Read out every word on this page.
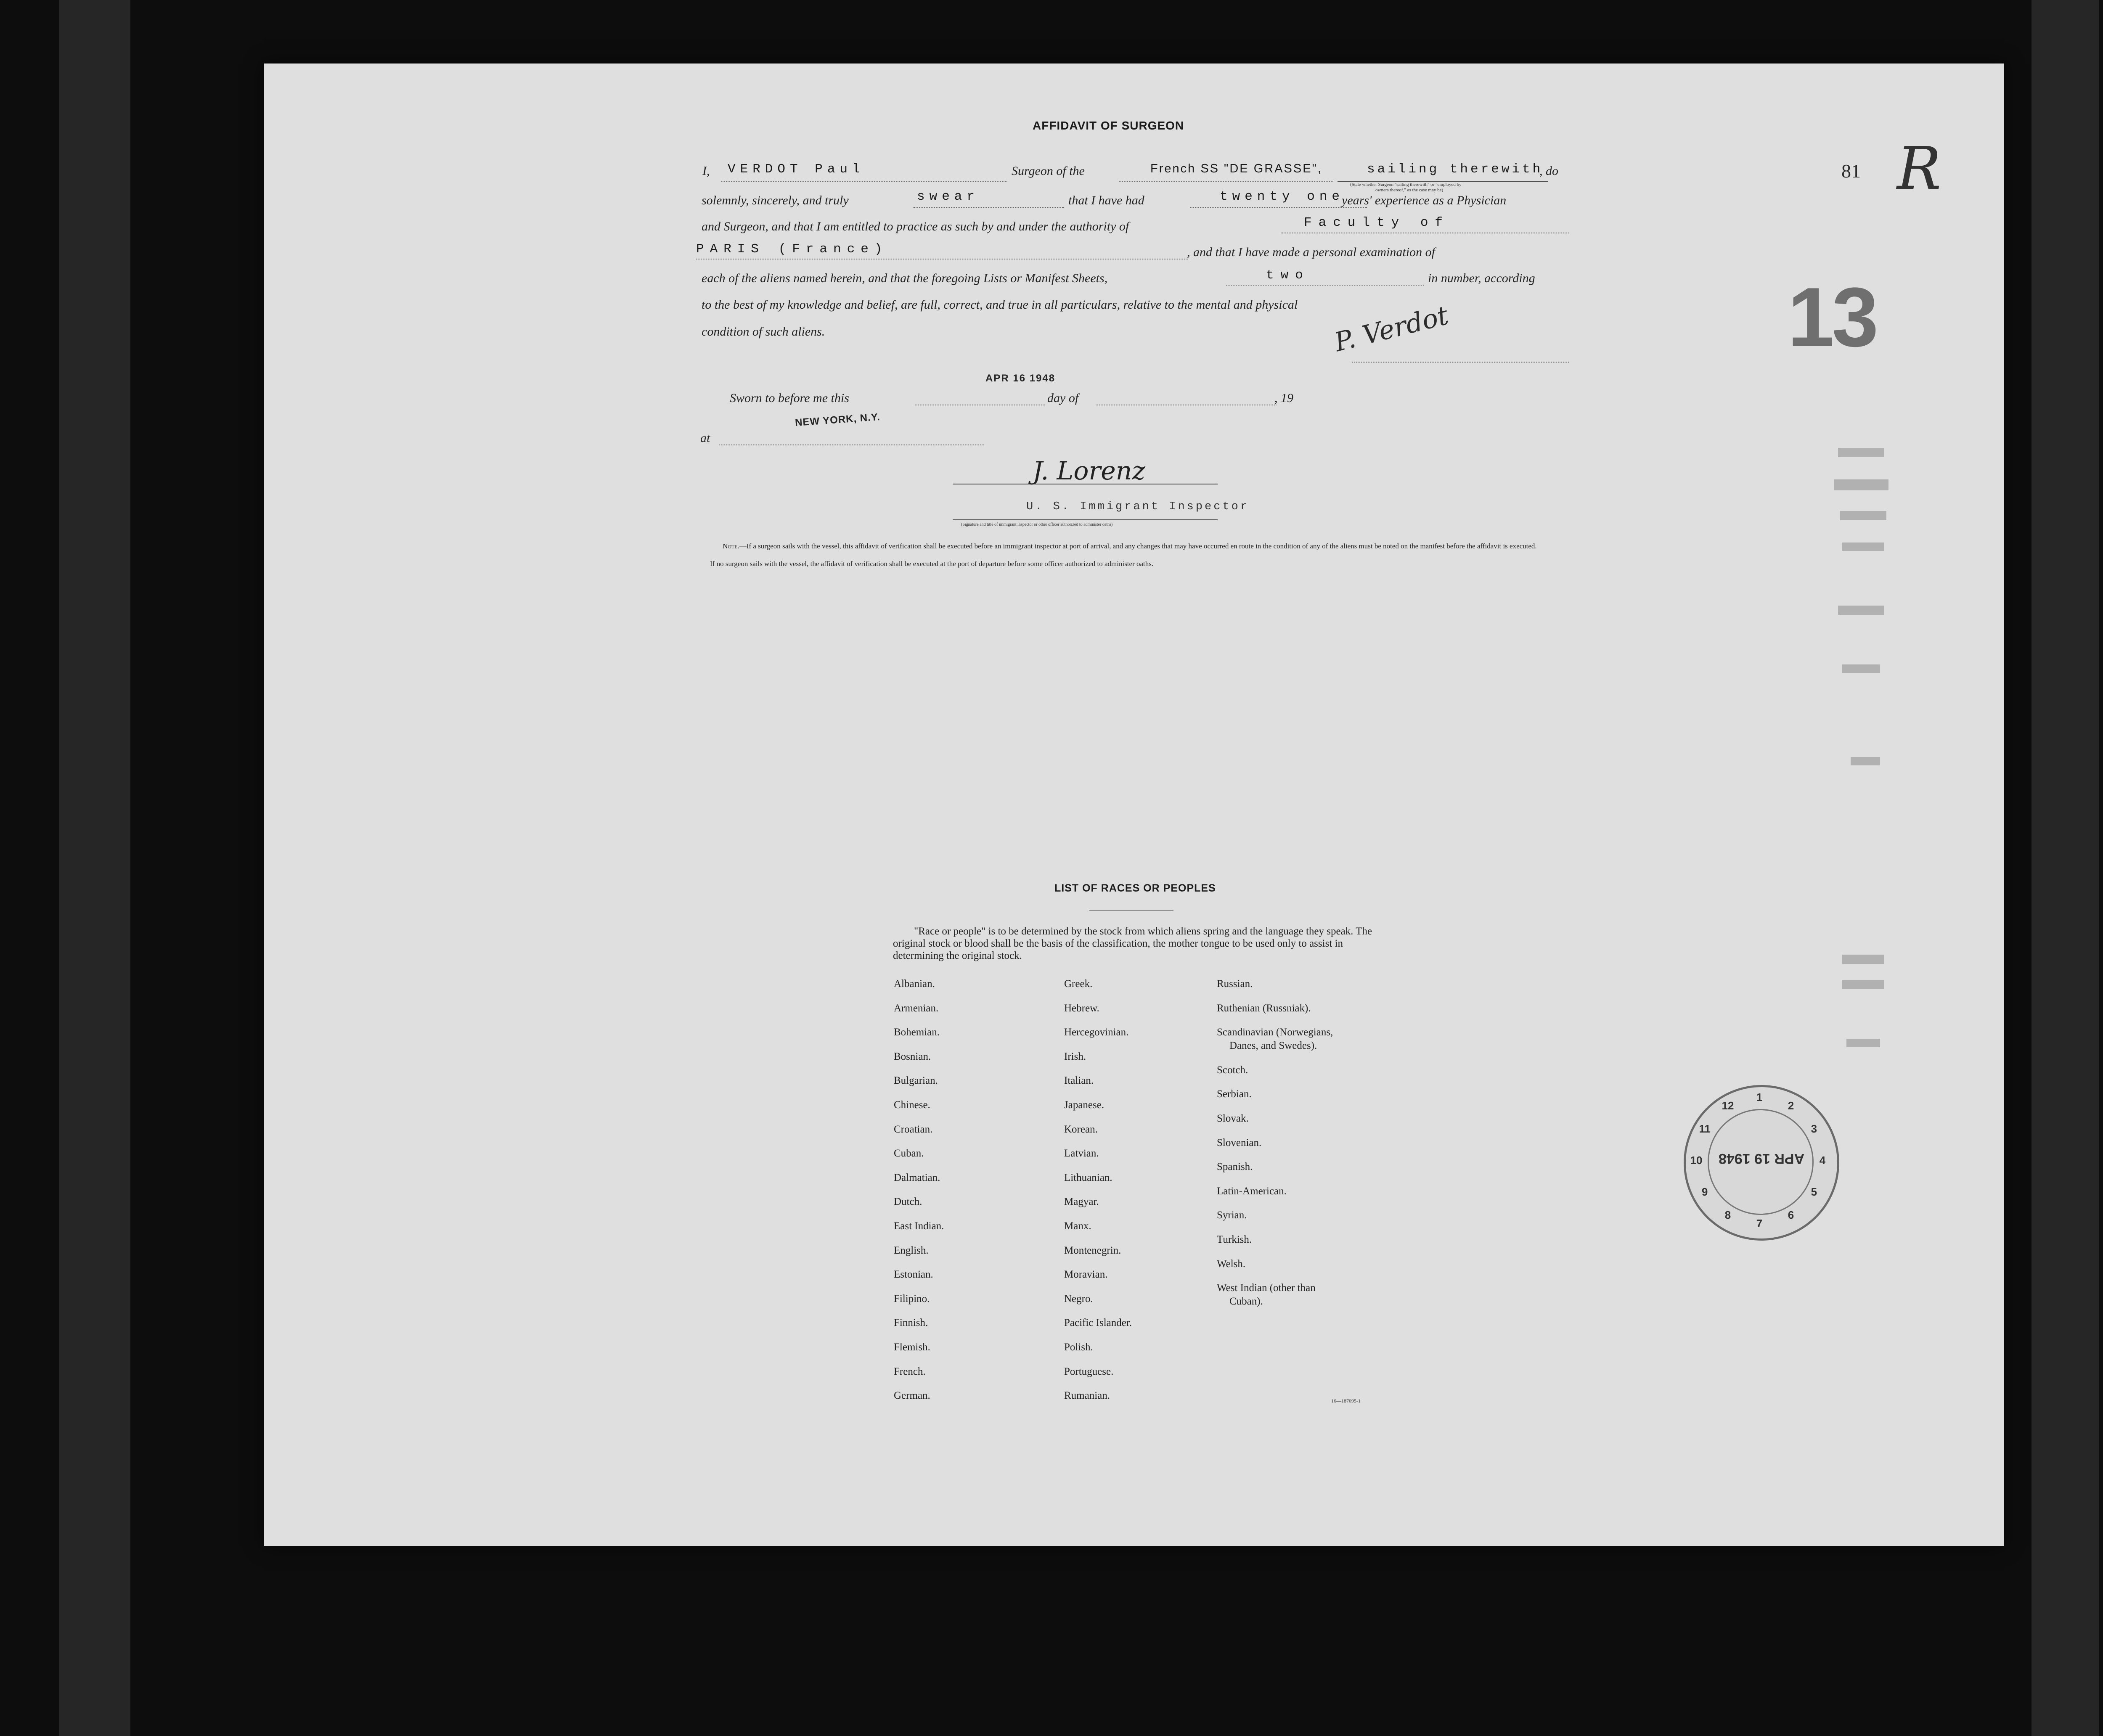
81 R
13
AFFIDAVIT OF SURGEON
I, VERDOT Paul	Surgeon of the	French SS "DE GRASSE",	sailing therewith
, do
(State whether Surgeon "sailing therewith" or "employed by
owners thereof," as the case may be)
solemnly, sincerely, and truly	swear	that I have had	twenty one
years' experience as a Physician
and Surgeon, and that I am entitled to practice as such by and under the authority of	Faculty of
PARIS (France)	, and that I have made a personal examination of
each of the aliens named herein, and that the foregoing Lists or Manifest Sheets,	two	in number, according
to the best of my knowledge and belief, are full, correct, and true in all particulars, relative to the mental and physical
condition of such aliens.	P. Verdot
APR 16 1948
Sworn to before me this	day of	, 19
NEW YORK, N.Y.
at
J. Lorenz
U. S. Immigrant Inspector
(Signature and title of immigrant inspector or other officer authorized to administer oaths)
Note.—If a surgeon sails with the vessel, this affidavit of verification shall be executed before an immigrant inspector at port of arrival, and any changes that may have occurred en route in the condition of any of the aliens must be noted on the manifest before the affidavit is executed.
If no surgeon sails with the vessel, the affidavit of verification shall be executed at the port of departure before some officer authorized to administer oaths.
LIST OF RACES OR PEOPLES
"Race or people" is to be determined by the stock from which aliens spring and the language they speak. The original stock or blood shall be the basis of the classification, the mother tongue to be used only to assist in determining the original stock.
Albanian.
Armenian.
Bohemian.
Bosnian.
Bulgarian.
Chinese.
Croatian.
Cuban.
Dalmatian.
Dutch.
East Indian.
English.
Estonian.
Filipino.
Finnish.
Flemish.
French.
German.
Greek.
Hebrew.
Hercegovinian.
Irish.
Italian.
Japanese.
Korean.
Latvian.
Lithuanian.
Magyar.
Manx.
Montenegrin.
Moravian.
Negro.
Pacific Islander.
Polish.
Portuguese.
Rumanian.
Russian.
Ruthenian (Russniak).
Scandinavian (Norwegians,
Danes, and Swedes).
Scotch.
Serbian.
Slovak.
Slovenian.
Spanish.
Latin-American.
Syrian.
Turkish.
Welsh.
West Indian (other than
Cuban).
16—187095-1
1
2
3
4
5
6
7
8
9
10
11
12
APR 19 1948
